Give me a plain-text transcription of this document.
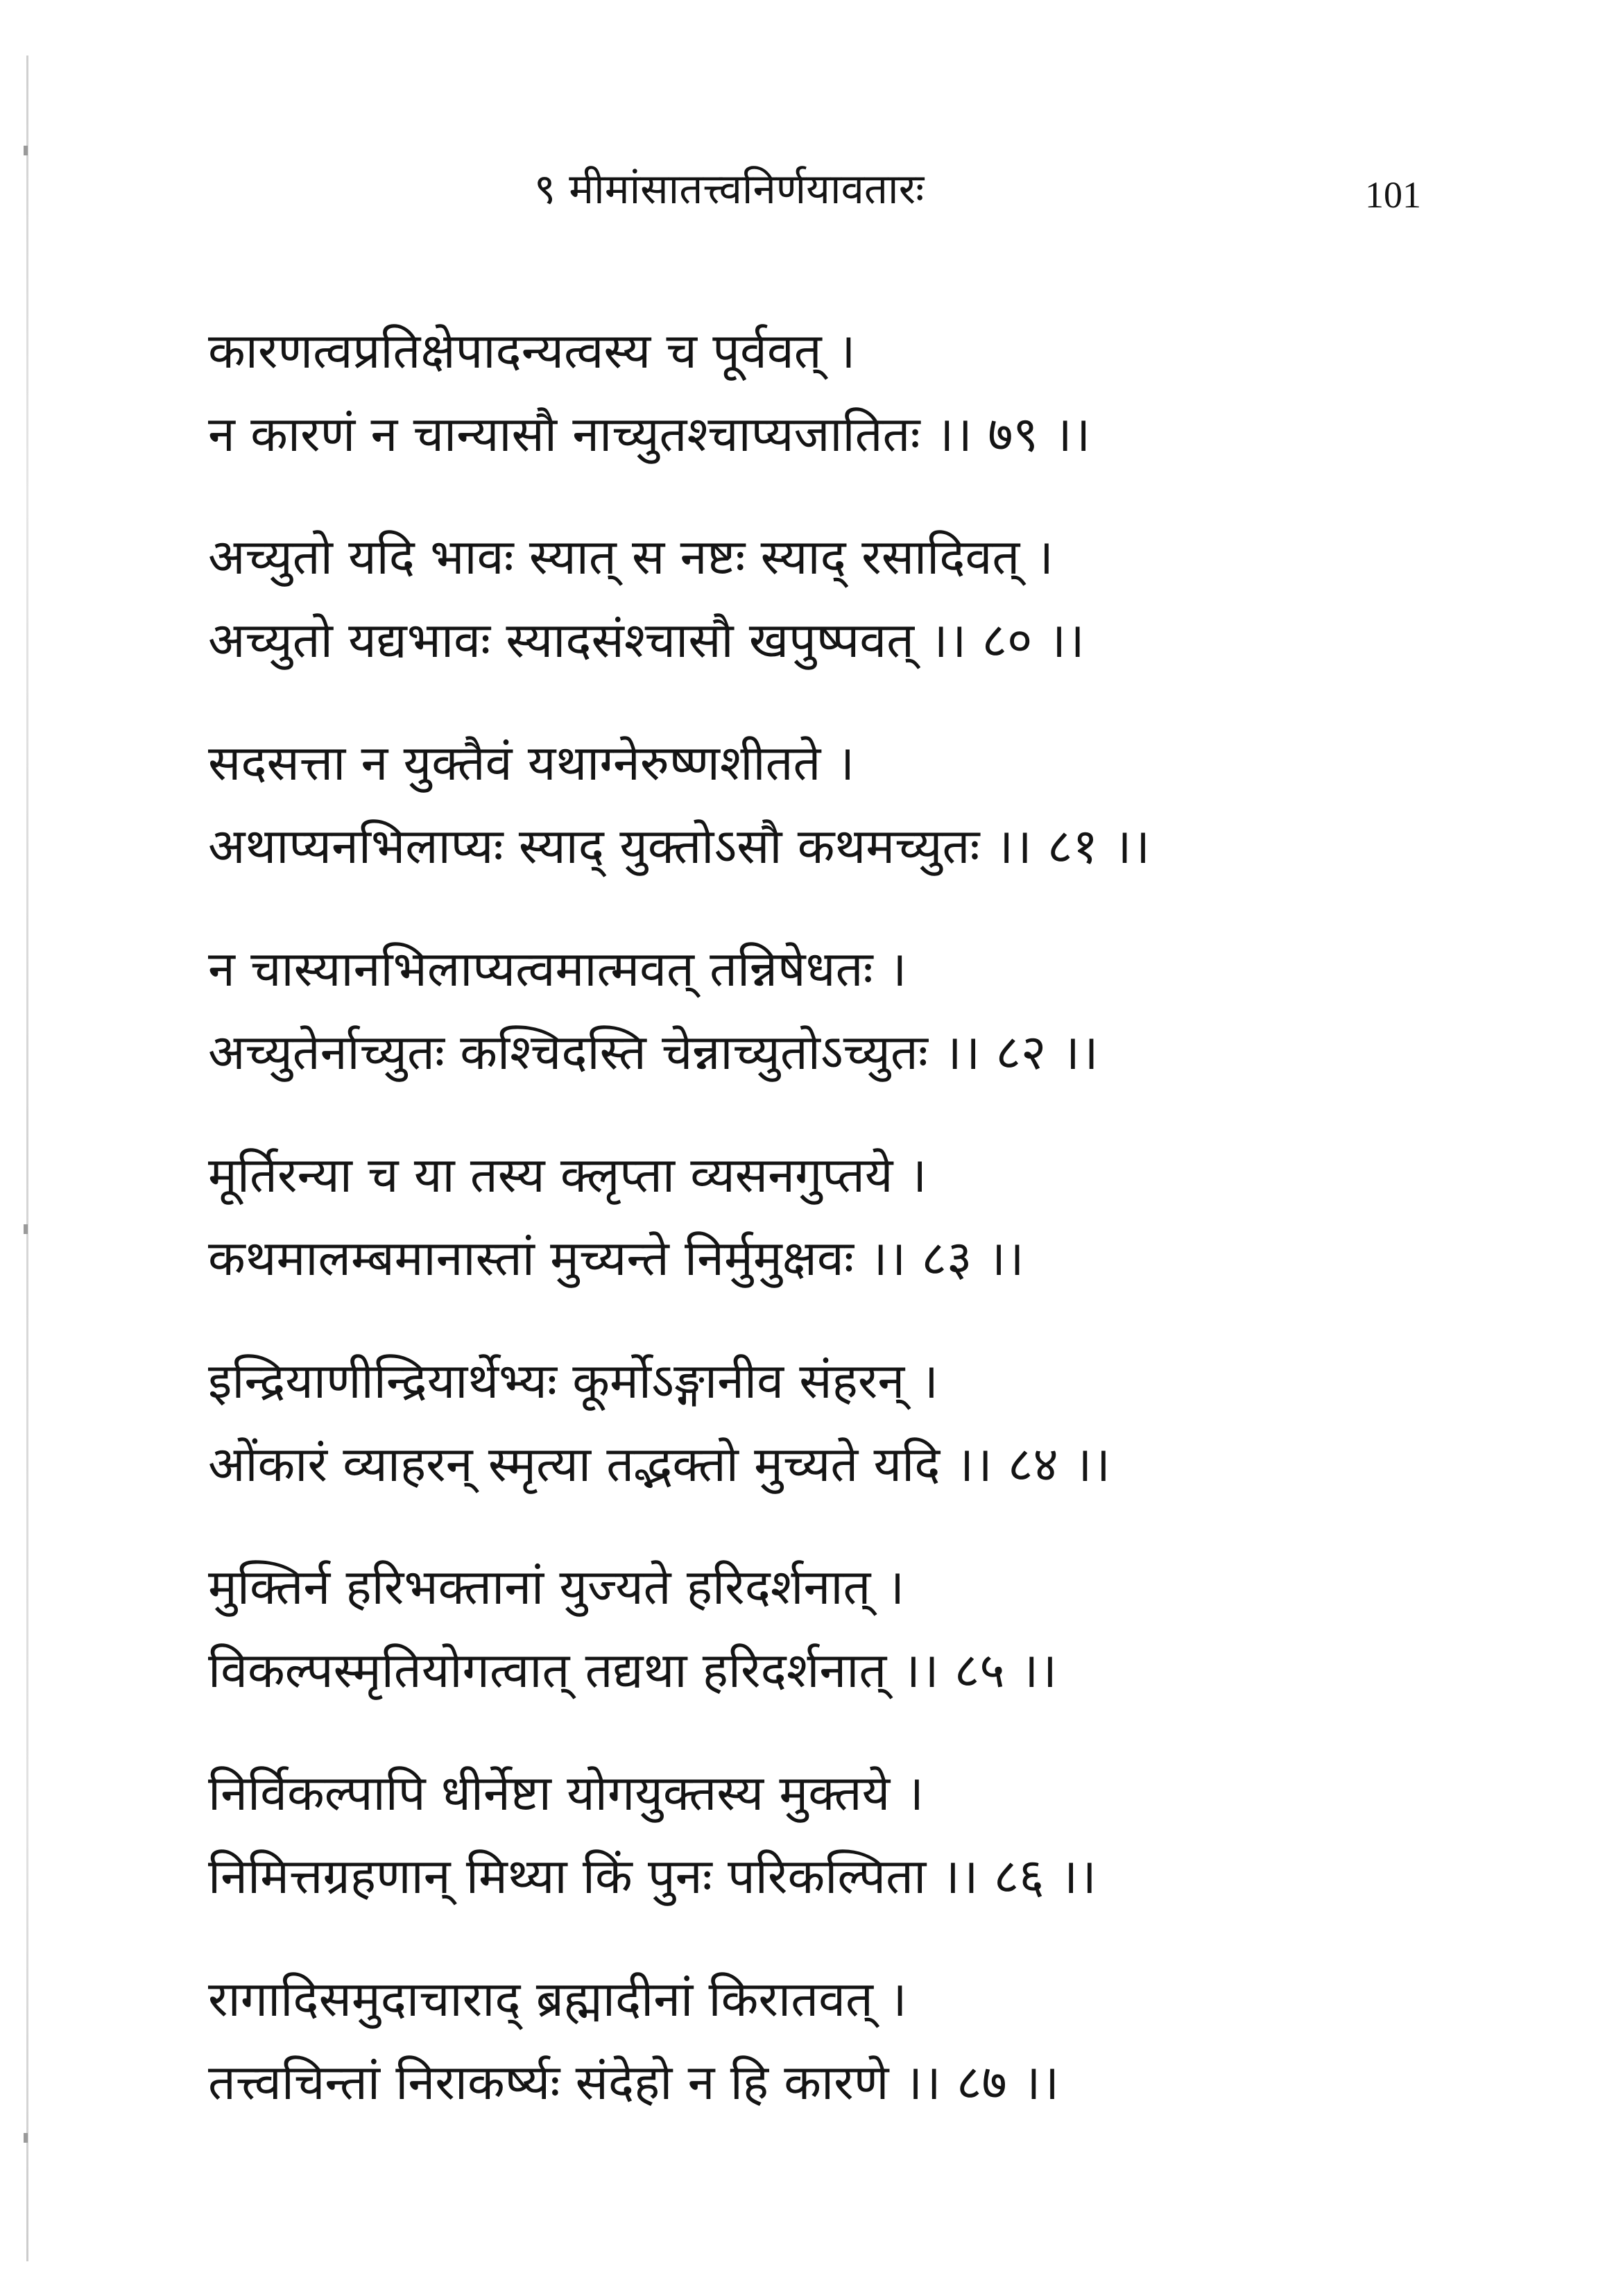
९ मीमांसातत्त्वनिर्णयावतारः	101
कारणत्वप्रतिक्षेपादन्यत्वस्य च पूर्ववत् ।
न कारणं न चान्यासौ नाच्युतश्चाप्यजातितः ।। ७९ ।।
अच्युतो यदि भावः स्यात् स नष्टः स्याद् रसादिवत् ।
अच्युतो यद्यभावः स्यादसंश्चासौ खपुष्पवत् ।। ८० ।।
सदसत्ता न युक्तैवं यथाग्नेरुष्णशीतते ।
अथाप्यनभिलाप्यः स्याद् युक्तोऽसौ कथमच्युतः ।। ८१ ।।
न चास्यानभिलाप्यत्वमात्मवत् तन्निषेधतः ।
अच्युतेर्नाच्युतः कश्चिदस्ति चेन्नाच्युतोऽच्युतः ।। ८२ ।।
मूर्तिरन्या च या तस्य क्लृप्ता व्यसनगुप्तये ।
कथमालम्बमानास्तां मुच्यन्ते निर्मुमुक्षवः ।। ८३ ।।
इन्द्रियाणीन्द्रियार्थेभ्यः कूर्मोऽङ्गानीव संहरन् ।
ओंकारं व्याहरन् स्मृत्या तद्भक्तो मुच्यते यदि ।। ८४ ।।
मुक्तिर्न हरिभक्तानां युज्यते हरिदर्शनात् ।
विकल्पस्मृतियोगत्वात् तद्यथा हरिदर्शनात् ।। ८५ ।।
निर्विकल्पापि धीर्नेष्टा योगयुक्तस्य मुक्तये ।
निमित्तग्रहणान् मिथ्या किं पुनः परिकल्पिता ।। ८६ ।।
रागादिसमुदाचाराद् ब्रह्मादीनां किरातवत् ।
तत्त्वचिन्तां निराकर्ष्यः संदेहो न हि कारणे ।। ८७ ।।
